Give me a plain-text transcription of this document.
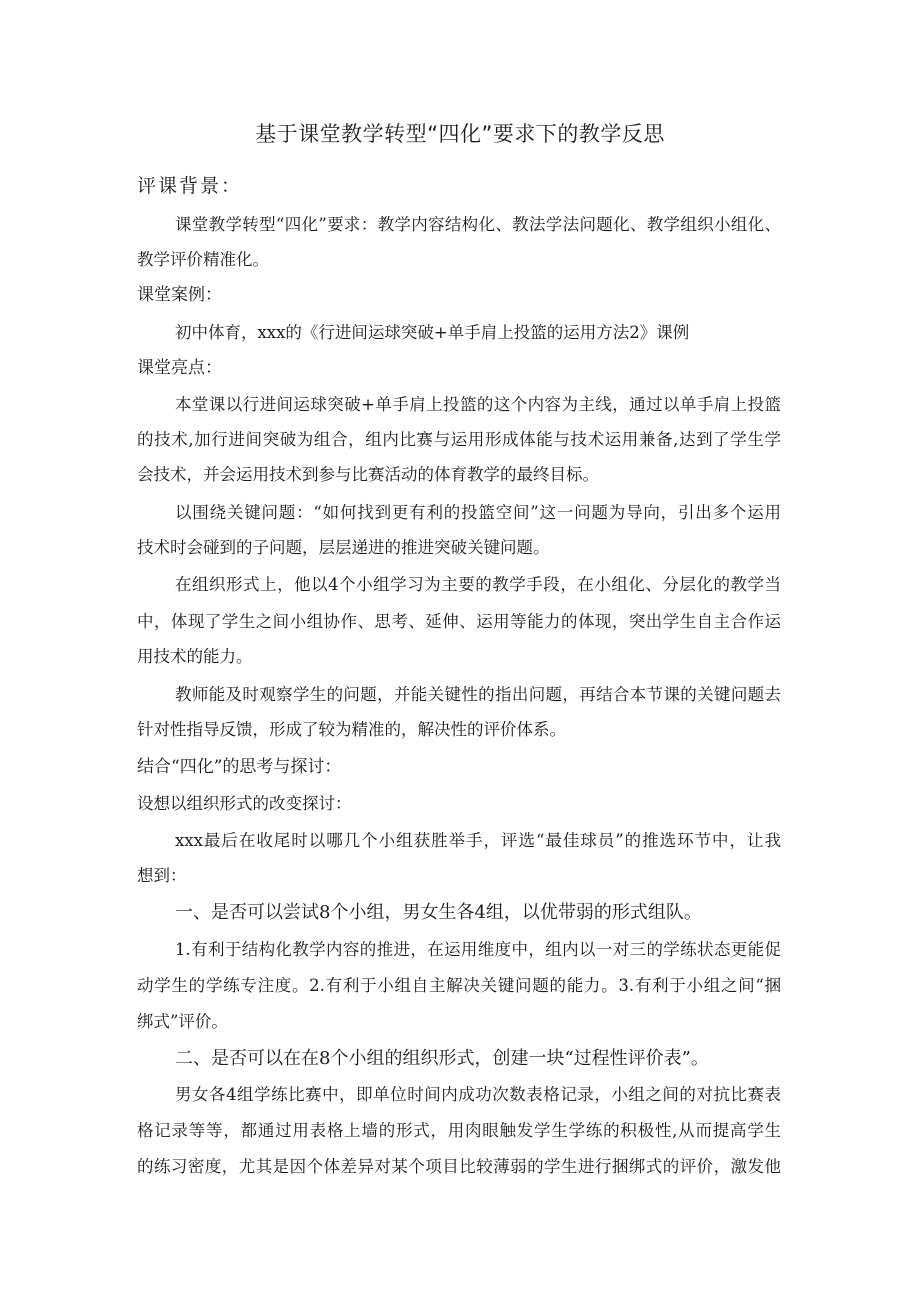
基于课堂教学转型“四化”要求下的教学反思

评课背景：

课堂教学转型“四化”要求：教学内容结构化、教法学法问题化、教学组织小组化、

教学评价精准化。

课堂案例：

初中体育，xxx的《行进间运球突破+单手肩上投篮的运用方法2》课例

课堂亮点：

本堂课以行进间运球突破+单手肩上投篮的这个内容为主线，通过以单手肩上投篮

的技术,加行进间突破为组合，组内比赛与运用形成体能与技术运用兼备,达到了学生学

会技术，并会运用技术到参与比赛活动的体育教学的最终目标。

以围绕关键问题：“如何找到更有利的投篮空间”这一问题为导向，引出多个运用

技术时会碰到的子问题，层层递进的推进突破关键问题。

在组织形式上，他以4个小组学习为主要的教学手段，在小组化、分层化的教学当

中，体现了学生之间小组协作、思考、延伸、运用等能力的体现，突出学生自主合作运

用技术的能力。

教师能及时观察学生的问题，并能关键性的指出问题，再结合本节课的关键问题去

针对性指导反馈，形成了较为精准的，解决性的评价体系。

结合“四化”的思考与探讨：

设想以组织形式的改变探讨：

xxx最后在收尾时以哪几个小组获胜举手，评选“最佳球员”的推选环节中，让我

想到：

一、是否可以尝试8个小组，男女生各4组，以优带弱的形式组队。

1.有利于结构化教学内容的推进，在运用维度中，组内以一对三的学练状态更能促

动学生的学练专注度。2.有利于小组自主解决关键问题的能力。3.有利于小组之间“捆

绑式”评价。

二、是否可以在在8个小组的组织形式，创建一块“过程性评价表”。

男女各4组学练比赛中，即单位时间内成功次数表格记录，小组之间的对抗比赛表

格记录等等，都通过用表格上墙的形式，用肉眼触发学生学练的积极性,从而提高学生

的练习密度，尤其是因个体差异对某个项目比较薄弱的学生进行捆绑式的评价，激发他
